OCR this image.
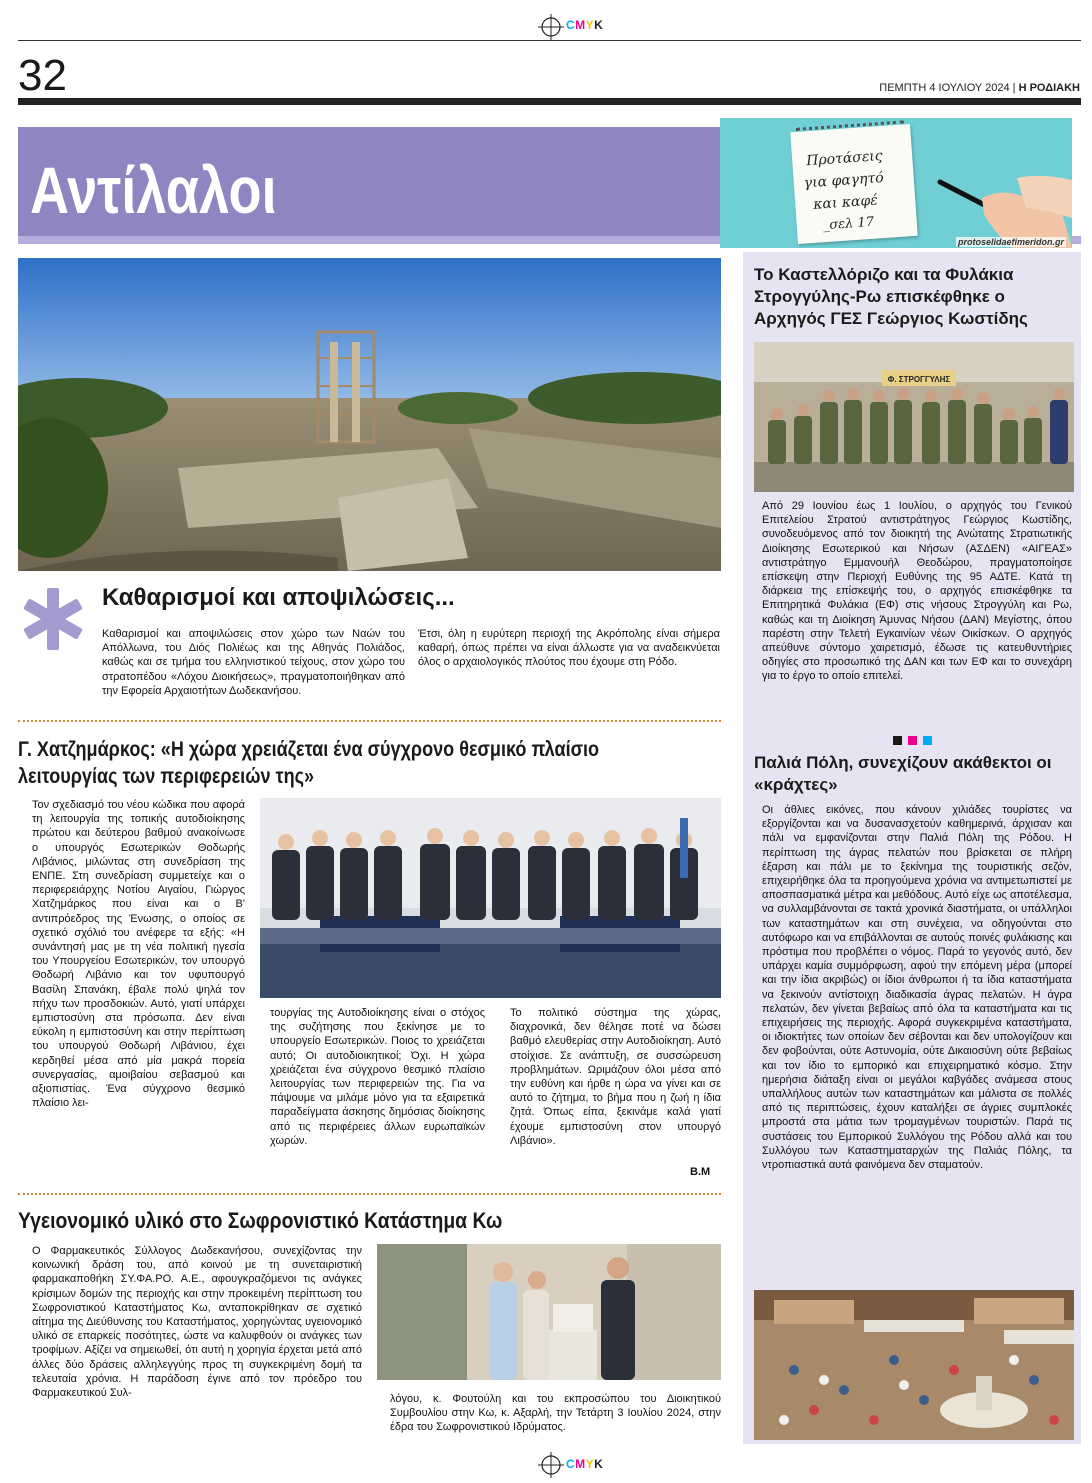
CMYK
32	ΠΕΜΠΤΗ 4 ΙΟΥΛΙΟΥ 2024 | Η ΡΟΔΙΑΚΗ
Αντίλαλοι	Προτάσεις
για φαγητό
και καφέ
_σελ 17
protoselidaefimeridon.gr
Καθαρισμοί και αποψιλώσεις...

Καθαρισμοί και αποψιλώσεις στον χώρο των Ναών του Απόλλωνα, του Διός Πολιέως και της Αθηνάς Πολιάδος, καθώς και σε τμήμα του ελληνιστικού τείχους, στον χώρο του στρατοπέδου «Λόχου Διοικήσεως», πραγματοποιήθηκαν από την Εφορεία Αρχαιοτήτων Δωδεκανήσου.

Έτσι, όλη η ευρύτερη περιοχή της Ακρόπολης είναι σήμερα καθαρή, όπως πρέπει να είναι άλλωστε για να αναδεικνύεται όλος ο αρχαιολογικός πλούτος που έχουμε στη Ρόδο.

Γ. Χατζημάρκος: «Η χώρα χρειάζεται ένα σύγχρονο θεσμικό πλαίσιο
λειτουργίας των περιφερειών της»

Τον σχεδιασμό του νέου κώδικα που αφορά τη λειτουργία της τοπικής αυτοδιοίκησης πρώτου και δεύτερου βαθμού ανακοίνωσε ο υπουργός Εσωτερικών Θοδωρής Λιβάνιος, μιλώντας στη συνεδρίαση της ΕΝΠΕ. Στη συνεδρίαση συμμετείχε και ο περιφερειάρχης Νοτίου Αιγαίου, Γιώργος Χατζημάρκος που είναι και ο Β' αντιπρόεδρος της Ένωσης, ο οποίος σε σχετικό σχόλιό του ανέφερε τα εξής: «Η συνάντησή μας με τη νέα πολιτική ηγεσία του Υπουργείου Εσωτερικών, τον υπουργό Θοδωρή Λιβάνιο και τον υφυπουργό Βασίλη Σπανάκη, έβαλε πολύ ψηλά τον πήχυ των προσδοκιών. Αυτό, γιατί υπάρχει εμπιστοσύνη στα πρόσωπα. Δεν είναι εύκολη η εμπιστοσύνη και στην περίπτωση του υπουργού Θοδωρή Λιβάνιου, έχει κερδηθεί μέσα από μία μακρά πορεία συνεργασίας, αμοιβαίου σεβασμού και αξιοπιστίας. Ένα σύγχρονο θεσμικό πλαίσιο λει-

τουργίας της Αυτοδιοίκησης είναι ο στόχος της συζήτησης που ξεκίνησε με το υπουργείο Εσωτερικών. Ποιος το χρειάζεται αυτό; Οι αυτοδιοικητικοί; Όχι. Η χώρα χρειάζεται ένα σύγχρονο θεσμικό πλαίσιο λειτουργίας των περιφερειών της. Για να πάψουμε να μιλάμε μόνο για τα εξαιρετικά παραδείγματα άσκησης δημόσιας διοίκησης από τις περιφέρειες άλλων ευρωπαϊκών χωρών.

Το πολιτικό σύστημα της χώρας, διαχρονικά, δεν θέλησε ποτέ να δώσει βαθμό ελευθερίας στην Αυτοδιοίκηση. Αυτό στοίχισε. Σε ανάπτυξη, σε συσσώρευση προβλημάτων. Ωριμάζουν όλοι μέσα από την ευθύνη και ήρθε η ώρα να γίνει και σε αυτό το ζήτημα, το βήμα που η ζωή η ίδια ζητά. Όπως είπα, ξεκινάμε καλά γιατί έχουμε εμπιστοσύνη στον υπουργό Λιβάνιο».

Β.Μ
Υγειονομικό υλικό στο Σωφρονιστικό Κατάστημα Κω

Ο Φαρμακευτικός Σύλλογος Δωδεκανήσου, συνεχίζοντας την κοινωνική δράση του, από κοινού με τη συνεταιριστική φαρμακαποθήκη ΣΥ.ΦΑ.ΡΟ. Α.Ε., αφουγκραζόμενοι τις ανάγκες κρίσιμων δομών της περιοχής και στην προκειμένη περίπτωση του Σωφρονιστικού Καταστήματος Κω, ανταποκρίθηκαν σε σχετικό αίτημα της Διεύθυνσης του Καταστήματος, χορηγώντας υγειονομικό υλικό σε επαρκείς ποσότητες, ώστε να καλυφθούν οι ανάγκες των τροφίμων. Αξίζει να σημειωθεί, ότι αυτή η χορηγία έρχεται μετά από άλλες δύο δράσεις αλληλεγγύης προς τη συγκεκριμένη δομή τα τελευταία χρόνια. Η παράδοση έγινε από τον πρόεδρο του Φαρμακευτικού Συλ-	λόγου, κ. Φουτούλη και του εκπροσώπου του Διοικητικού Συμβουλίου στην Κω, κ. Αξαρλή, την Τετάρτη 3 Ιουλίου 2024, στην έδρα του Σωφρονιστικού Ιδρύματος.

Το Καστελλόριζο και τα Φυλάκια Στρογγύλης-Ρω επισκέφθηκε ο Αρχηγός ΓΕΣ Γεώργιος Κωστίδης
Φ. ΣΤΡΟΓΓΥΛΗΣ

Από 29 Ιουνίου έως 1 Ιουλίου, ο αρχηγός του Γενικού Επιτελείου Στρατού αντιστράτηγος Γεώργιος Κωστίδης, συνοδευόμενος από τον διοικητή της Ανώτατης Στρατιωτικής Διοίκησης Εσωτερικού και Νήσων (ΑΣΔΕΝ) «ΑΙΓΕΑΣ» αντιστράτηγο Εμμανουήλ Θεοδώρου, πραγματοποίησε επίσκεψη στην Περιοχή Ευθύνης της 95 ΑΔΤΕ. Κατά τη διάρκεια της επίσκεψής του, ο αρχηγός επισκέφθηκε τα Επιτηρητικά Φυλάκια (ΕΦ) στις νήσους Στρογγύλη και Ρω, καθώς και τη Διοίκηση Άμυνας Νήσου (ΔΑΝ) Μεγίστης, όπου παρέστη στην Τελετή Εγκαινίων νέων Οικίσκων. Ο αρχηγός απεύθυνε σύντομο χαιρετισμό, έδωσε τις κατευθυντήριες οδηγίες στο προσωπικό της ΔΑΝ και των ΕΦ και το συνεχάρη για το έργο το οποίο επιτελεί.

Παλιά Πόλη, συνεχίζουν ακάθεκτοι οι «κράχτες»

Οι άθλιες εικόνες, που κάνουν χιλιάδες τουρίστες να εξοργίζονται και να δυσανασχετούν καθημερινά, άρχισαν και πάλι να εμφανίζονται στην Παλιά Πόλη της Ρόδου. Η περίπτωση της άγρας πελατών που βρίσκεται σε πλήρη έξαρση και πάλι με το ξεκίνημα της τουριστικής σεζόν, επιχειρήθηκε όλα τα προηγούμενα χρόνια να αντιμετωπιστεί με αποσπασματικά μέτρα και μεθόδους. Αυτό είχε ως αποτέλεσμα, να συλλαμβάνονται σε τακτά χρονικά διαστήματα, οι υπάλληλοι των καταστημάτων και στη συνέχεια, να οδηγούνται στο αυτόφωρο και να επιβάλλονται σε αυτούς ποινές φυλάκισης και πρόστιμα που προβλέπει ο νόμος. Παρά το γεγονός αυτό, δεν υπάρχει καμία συμμόρφωση, αφού την επόμενη μέρα (μπορεί και την ίδια ακριβώς) οι ίδιοι άνθρωποι ή τα ίδια καταστήματα να ξεκινούν αντίστοιχη διαδικασία άγρας πελατών. Η άγρα πελατών, δεν γίνεται βεβαίως από όλα τα καταστήματα και τις επιχειρήσεις της περιοχής. Αφορά συγκεκριμένα καταστήματα, οι ιδιοκτήτες των οποίων δεν σέβονται και δεν υπολογίζουν και δεν φοβούνται, ούτε Αστυνομία, ούτε Δικαιοσύνη ούτε βεβαίως και τον ίδιο το εμπορικό και επιχειρηματικό κόσμο. Στην ημερήσια διάταξη είναι οι μεγάλοι καβγάδες ανάμεσα στους υπαλλήλους αυτών των καταστημάτων και μάλιστα σε πολλές από τις περιπτώσεις, έχουν καταλήξει σε άγριες συμπλοκές μπροστά στα μάτια των τρομαγμένων τουριστών. Παρά τις συστάσεις του Εμπορικού Συλλόγου της Ρόδου αλλά και του Συλλόγου των Καταστηματαρχών της Παλιάς Πόλης, τα ντροπιαστικά αυτά φαινόμενα δεν σταματούν.

CMYK
